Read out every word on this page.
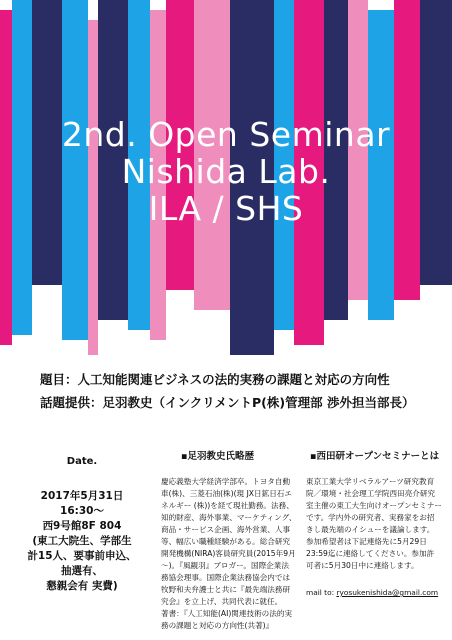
2nd. Open Seminar
Nishida Lab.
ILA / SHS
題目：人工知能関連ビジネスの法的実務の課題と対応の方向性
話題提供：足羽教史（インクリメントP(株)管理部 渉外担当部長）
Date.
2017年5月31日
16:30〜
西9号館8F 804
(東工大院生、学部生
計15人、要事前申込、
抽選有、
懇親会有 実費)
▪足羽教史氏略歴
慶応義塾大学経済学部卒。トヨタ自動
車(株)、三菱石油(株)(現 JX日鉱日石エ
ネルギー (株))を経て現社勤務。法務、
知的財産、海外事業、マーケティング、
商品・サービス企画、海外営業、人事
等、幅広い職種経験がある。総合研究
開発機構(NIRA)客員研究員(2015年9月
〜)。『風観羽』ブロガー。国際企業法
務協会理事。国際企業法務協会内では
牧野和夫弁護士と共に『最先端法務研
究会』を立上げ、共同代表に就任。
著書：『人工知能(AI)関連技術の法的実
務の課題と対応の方向性(共著)』
▪西田研オープンセミナーとは
東京工業大学リベラルアーツ研究教育
院／環境・社会理工学院西田亮介研究
室主催の東工大生向けオープンセミナー
です。学内外の研究者、実務家をお招
きし最先端のイシューを議論します。
参加希望者は下記連絡先に5月29日
23:59迄に連絡してください。参加許
可者に5月30日中に連絡します。
mail to: ryosukenishida@gmail.com
